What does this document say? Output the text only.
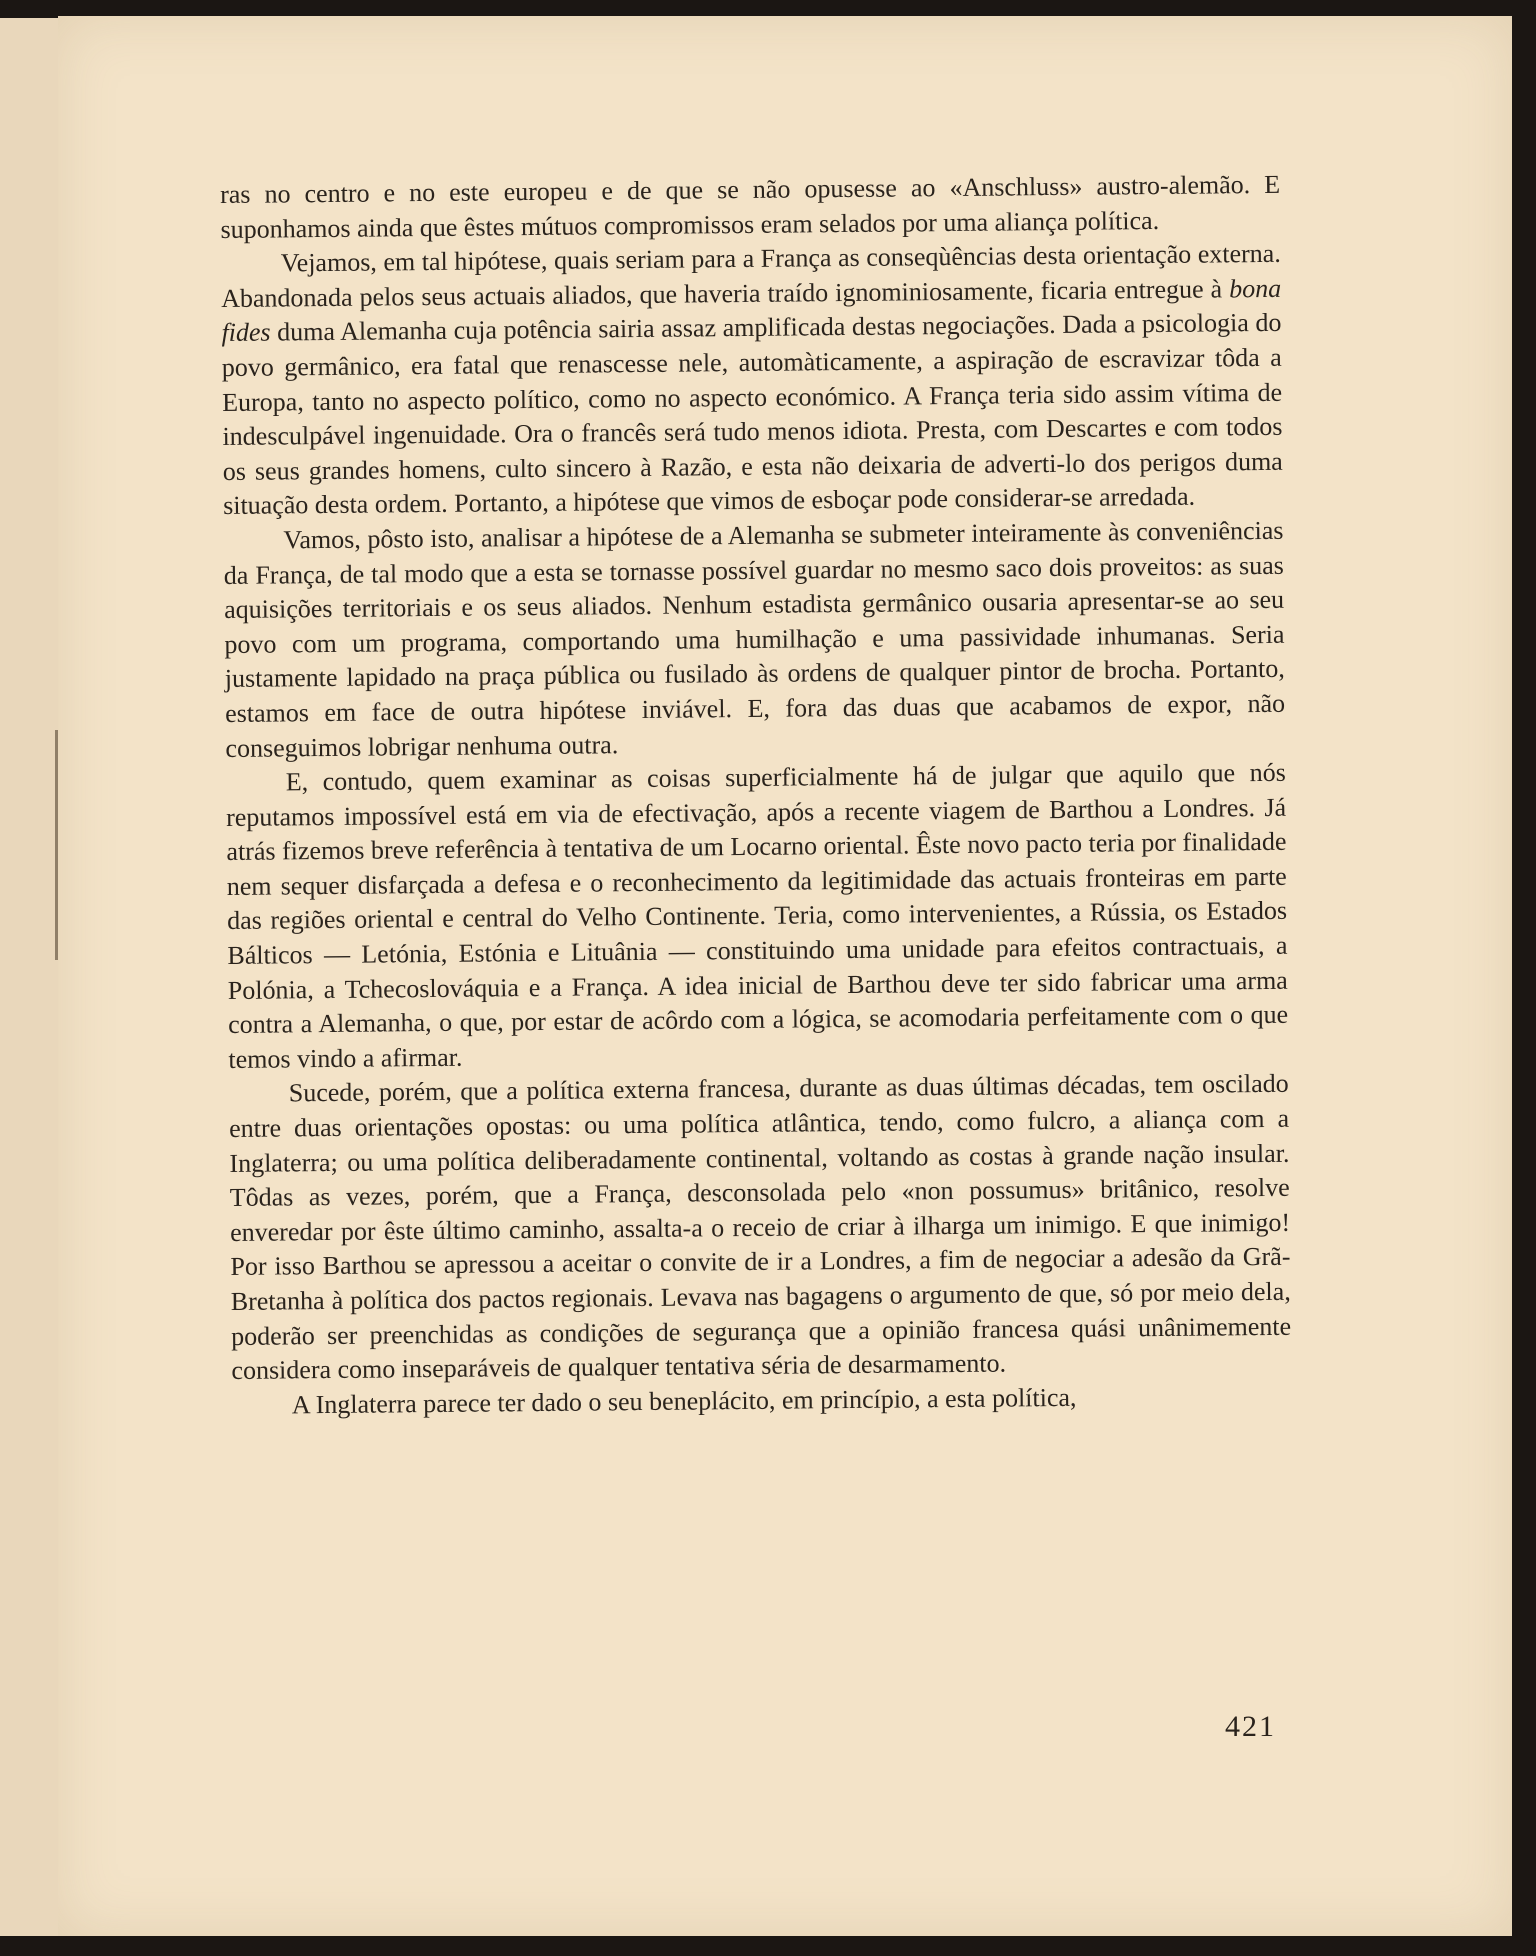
ras no centro e no este europeu e de que se não opusesse ao «Anschluss» austro-alemão. E suponhamos ainda que êstes mútuos compromissos eram selados por uma aliança política.

Vejamos, em tal hipótese, quais seriam para a França as conseqùências desta orientação externa. Abandonada pelos seus actuais aliados, que haveria traído ignominiosamente, ficaria entregue à bona fides duma Alemanha cuja potência sairia assaz amplificada destas negociações. Dada a psicologia do povo germânico, era fatal que renascesse nele, automàticamente, a aspiração de escravizar tôda a Europa, tanto no aspecto político, como no aspecto económico. A França teria sido assim vítima de indesculpável ingenuidade. Ora o francês será tudo menos idiota. Presta, com Descartes e com todos os seus grandes homens, culto sincero à Razão, e esta não deixaria de adverti-lo dos perigos duma situação desta ordem. Portanto, a hipótese que vimos de esboçar pode considerar-se arredada.

Vamos, pôsto isto, analisar a hipótese de a Alemanha se submeter inteiramente às conveniências da França, de tal modo que a esta se tornasse possível guardar no mesmo saco dois proveitos: as suas aquisições territoriais e os seus aliados. Nenhum estadista germânico ousaria apresentar-se ao seu povo com um programa, comportando uma humilhação e uma passividade inhumanas. Seria justamente lapidado na praça pública ou fusilado às ordens de qualquer pintor de brocha. Portanto, estamos em face de outra hipótese inviável. E, fora das duas que acabamos de expor, não conseguimos lobrigar nenhuma outra.

E, contudo, quem examinar as coisas superficialmente há de julgar que aquilo que nós reputamos impossível está em via de efectivação, após a recente viagem de Barthou a Londres. Já atrás fizemos breve referência à tentativa de um Locarno oriental. Êste novo pacto teria por finalidade nem sequer disfarçada a defesa e o reconhecimento da legitimidade das actuais fronteiras em parte das regiões oriental e central do Velho Continente. Teria, como intervenientes, a Rússia, os Estados Bálticos — Letónia, Estónia e Lituânia — constituindo uma unidade para efeitos contractuais, a Polónia, a Tchecoslováquia e a França. A idea inicial de Barthou deve ter sido fabricar uma arma contra a Alemanha, o que, por estar de acôrdo com a lógica, se acomodaria perfeitamente com o que temos vindo a afirmar.

Sucede, porém, que a política externa francesa, durante as duas últimas décadas, tem oscilado entre duas orientações opostas: ou uma política atlântica, tendo, como fulcro, a aliança com a Inglaterra; ou uma política deliberadamente continental, voltando as costas à grande nação insular. Tôdas as vezes, porém, que a França, desconsolada pelo «non possumus» britânico, resolve enveredar por êste último caminho, assalta-a o receio de criar à ilharga um inimigo. E que inimigo! Por isso Barthou se apressou a aceitar o convite de ir a Londres, a fim de negociar a adesão da Grã-Bretanha à política dos pactos regionais. Levava nas bagagens o argumento de que, só por meio dela, poderão ser preenchidas as condições de segurança que a opinião francesa quási unânimemente considera como inseparáveis de qualquer tentativa séria de desarmamento.

A Inglaterra parece ter dado o seu beneplácito, em princípio, a esta política,

421
